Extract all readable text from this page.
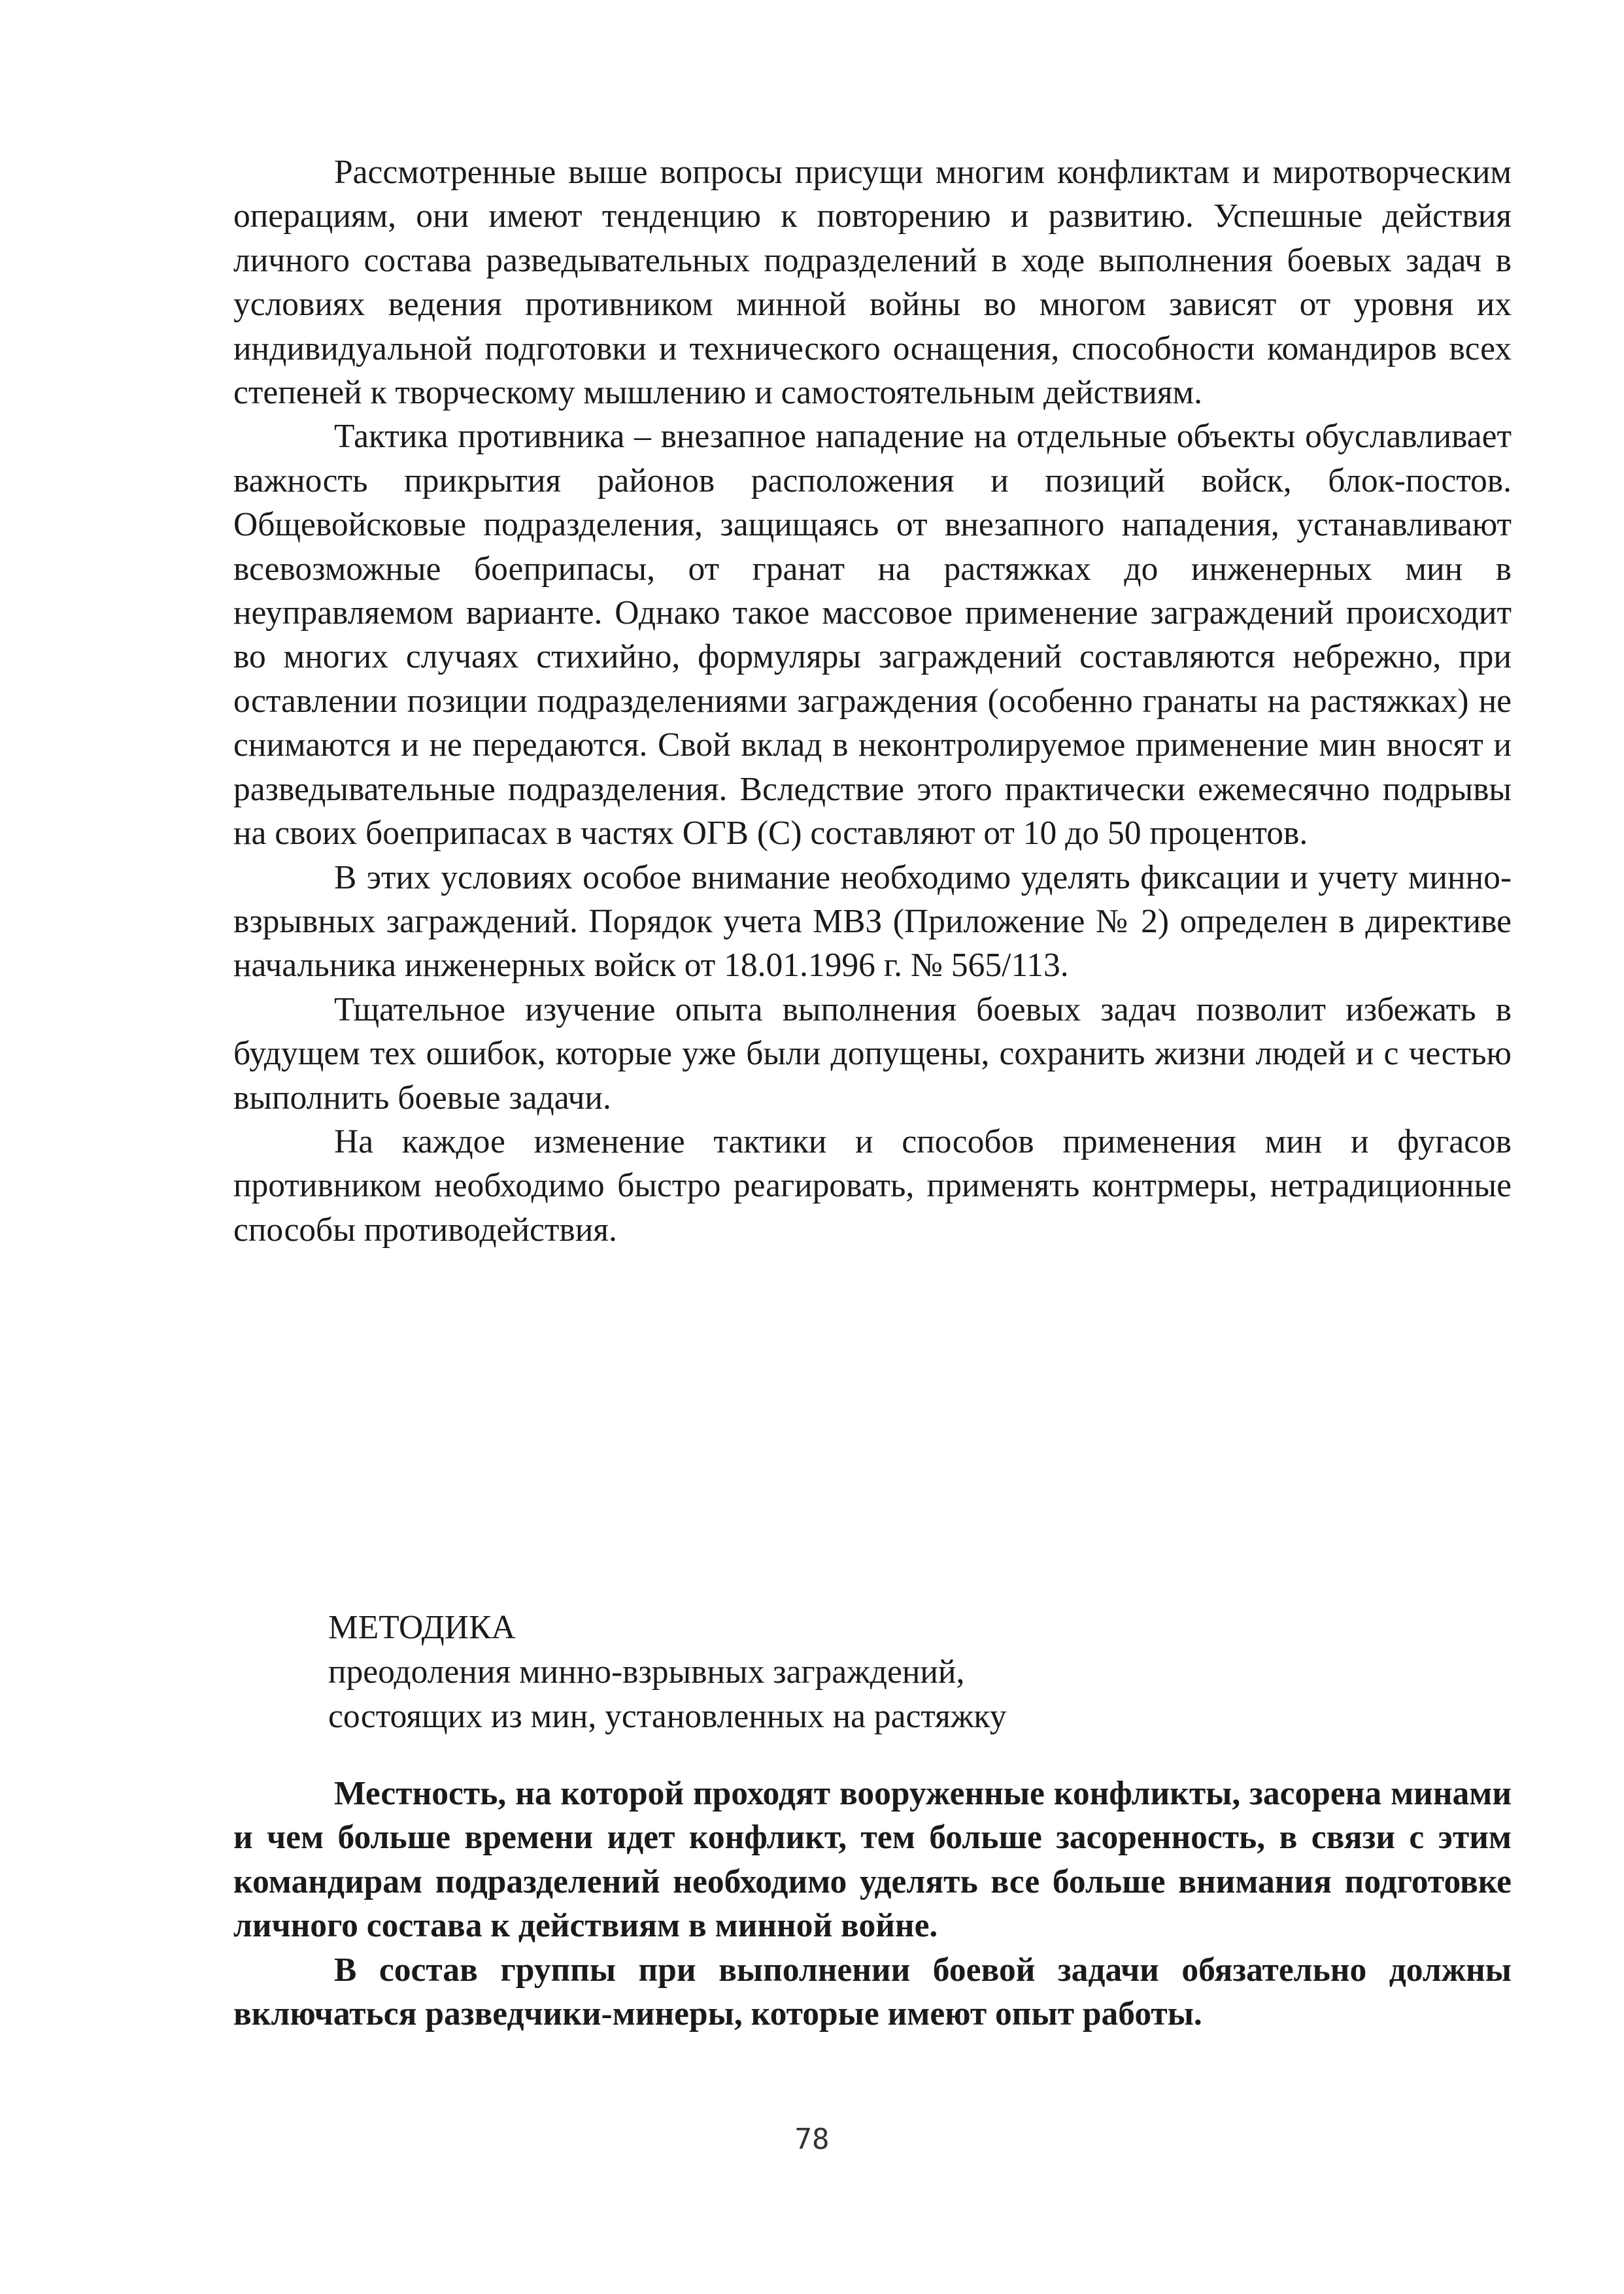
Рассмотренные выше вопросы присущи многим конфликтам и миротворческим операциям, они имеют тенденцию к повторению и развитию. Успешные действия личного состава разведывательных подразделений в ходе выполнения боевых задач в условиях ведения противником минной войны во многом зависят от уровня их индивидуальной подготовки и технического оснащения, способности командиров всех степеней к творческому мышлению и самостоятельным действиям.

Тактика противника – внезапное нападение на отдельные объекты обуславливает важность прикрытия районов расположения и позиций войск, блок-постов. Общевойсковые подразделения, защищаясь от внезапного нападения, устанавливают всевозможные боеприпасы, от гранат на растяжках до инженерных мин в неуправляемом варианте. Однако такое массовое применение заграждений происходит во многих случаях стихийно, формуляры заграждений составляются небрежно, при оставлении позиции подразделениями заграждения (особенно гранаты на растяжках) не снимаются и не передаются. Свой вклад в неконтролируемое применение мин вносят и разведывательные подразделения. Вследствие этого практически ежемесячно подрывы на своих боеприпасах в частях ОГВ (С) составляют от 10 до 50 процентов.

В этих условиях особое внимание необходимо уделять фиксации и учету минно-взрывных заграждений. Порядок учета МВЗ (Приложение № 2) определен в директиве начальника инженерных войск от 18.01.1996 г. № 565/113.

Тщательное изучение опыта выполнения боевых задач позволит избежать в будущем тех ошибок, которые уже были допущены, сохранить жизни людей и с честью выполнить боевые задачи.

На каждое изменение тактики и способов применения мин и фугасов противником необходимо быстро реагировать, применять контрмеры, нетрадиционные способы противодействия.

МЕТОДИКА
преодоления минно-взрывных заграждений,
состоящих из мин, установленных на растяжку

Местность, на которой проходят вооруженные конфликты, засорена минами и чем больше времени идет конфликт, тем больше засоренность, в связи с этим командирам подразделений необходимо уделять все больше внимания подготовке личного состава к действиям в минной войне.

В состав группы при выполнении боевой задачи обязательно должны включаться разведчики-минеры, которые имеют опыт работы.

78
